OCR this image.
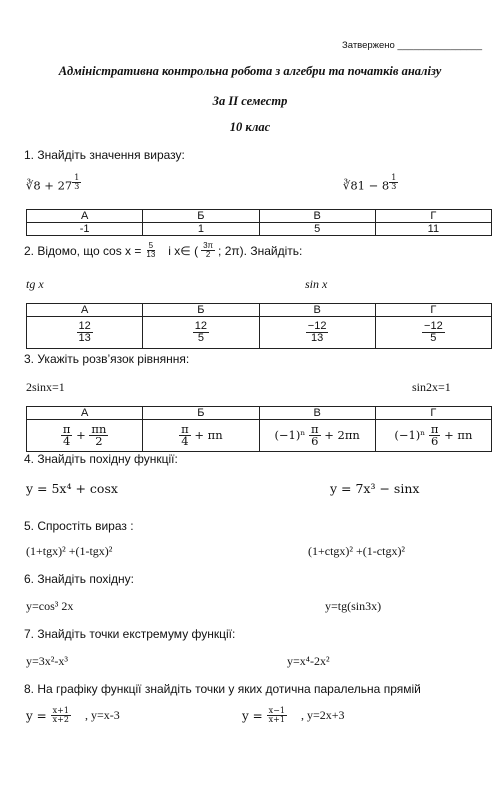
Затвержено ________________
Адміністративна контрольна робота з алгебри та початків аналізу
За ІІ семестр
10 клас
1. Знайдіть значення виразу:
∛8 + 27 $^{\frac{1}{3}}$	∛81 − 8 $^{\frac{1}{3}}$
А	Б	В	Г
-1	1	5	11
2. Відомо, що $\cos x = \frac{5}{13}$ і x∈ ( $\frac{3\pi}{2}$ ; 2π). Знайдіть:
tg x	sin x
А	Б	В	Г

$\frac{12}{13}$	$\frac{12}{5}$	$\frac{-12}{13}$	$\frac{-12}{5}$
3. Укажіть розв’язок рівняння:
2sinx=1	sin2x=1
А	Б	В	Г

$\frac{\pi}{4} + \frac{\pi n}{2}$	$\frac{\pi}{4} + \pi n$	$(-1)^n \frac{\pi}{6} + 2\pi n$	$(-1)^n \frac{\pi}{6} + \pi n$
4. Знайдіть похідну функції:
y = 5x⁴ + cosx	y = 7x³ − sinx
5. Спростіть вираз :
(1+tgx)² +(1-tgx)²	(1+ctgx)² +(1-ctgx)²
6. Знайдіть похідну:
y=cos³ 2x	y=tg(sin3x)
7. Знайдіть точки екстремуму функції:
y=3x²-x³	y=x⁴-2x²
8. На графіку функції знайдіть точки у яких дотична паралельна прямій
$y = \frac{x+1}{x+2}$ , y=x-3	$y = \frac{x-1}{x+1}$ , y=2x+3
